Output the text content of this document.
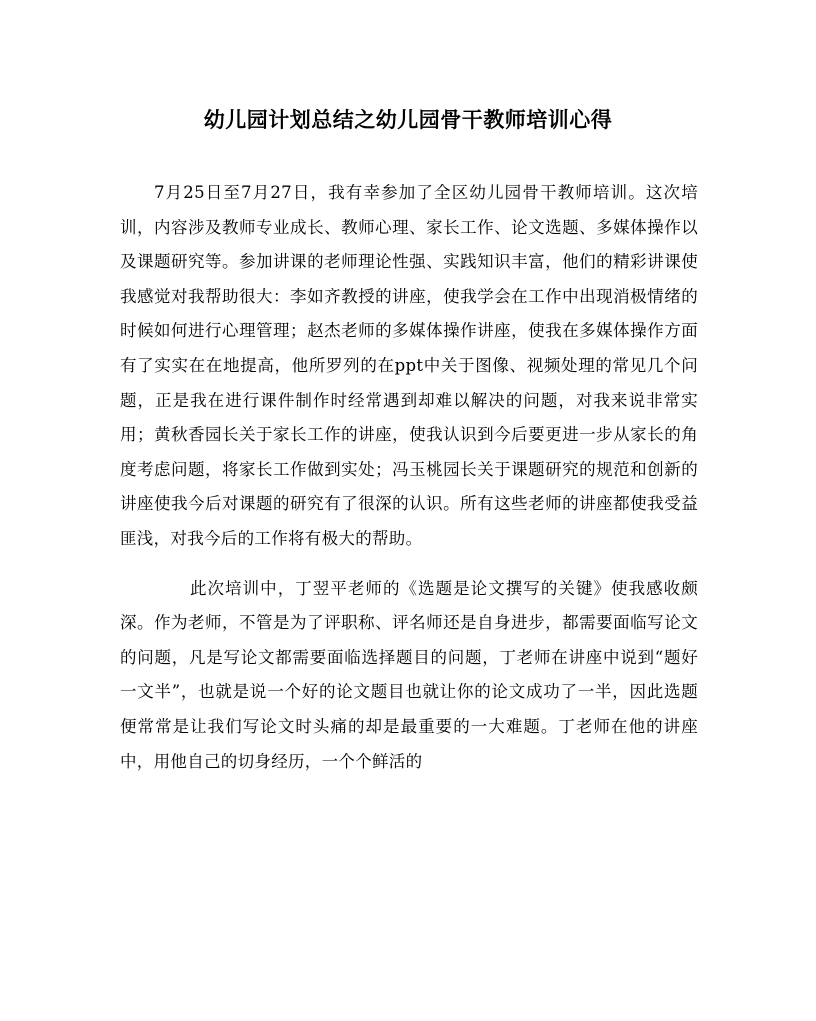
幼儿园计划总结之幼儿园骨干教师培训心得

7月25日至7月27日，我有幸参加了全区幼儿园骨干教师培训。这次培训，内容涉及教师专业成长、教师心理、家长工作、论文选题、多媒体操作以及课题研究等。参加讲课的老师理论性强、实践知识丰富，他们的精彩讲课使我感觉对我帮助很大：李如齐教授的讲座，使我学会在工作中出现消极情绪的时候如何进行心理管理；赵杰老师的多媒体操作讲座，使我在多媒体操作方面有了实实在在地提高，他所罗列的在ppt中关于图像、视频处理的常见几个问题，正是我在进行课件制作时经常遇到却难以解决的问题，对我来说非常实用；黄秋香园长关于家长工作的讲座，使我认识到今后要更进一步从家长的角度考虑问题，将家长工作做到实处；冯玉桃园长关于课题研究的规范和创新的讲座使我今后对课题的研究有了很深的认识。所有这些老师的讲座都使我受益匪浅，对我今后的工作将有极大的帮助。

此次培训中，丁翌平老师的《选题是论文撰写的关键》使我感收颇深。作为老师，不管是为了评职称、评名师还是自身进步，都需要面临写论文的问题，凡是写论文都需要面临选择题目的问题，丁老师在讲座中说到“题好一文半”，也就是说一个好的论文题目也就让你的论文成功了一半，因此选题便常常是让我们写论文时头痛的却是最重要的一大难题。丁老师在他的讲座中，用他自己的切身经历，一个个鲜活的
